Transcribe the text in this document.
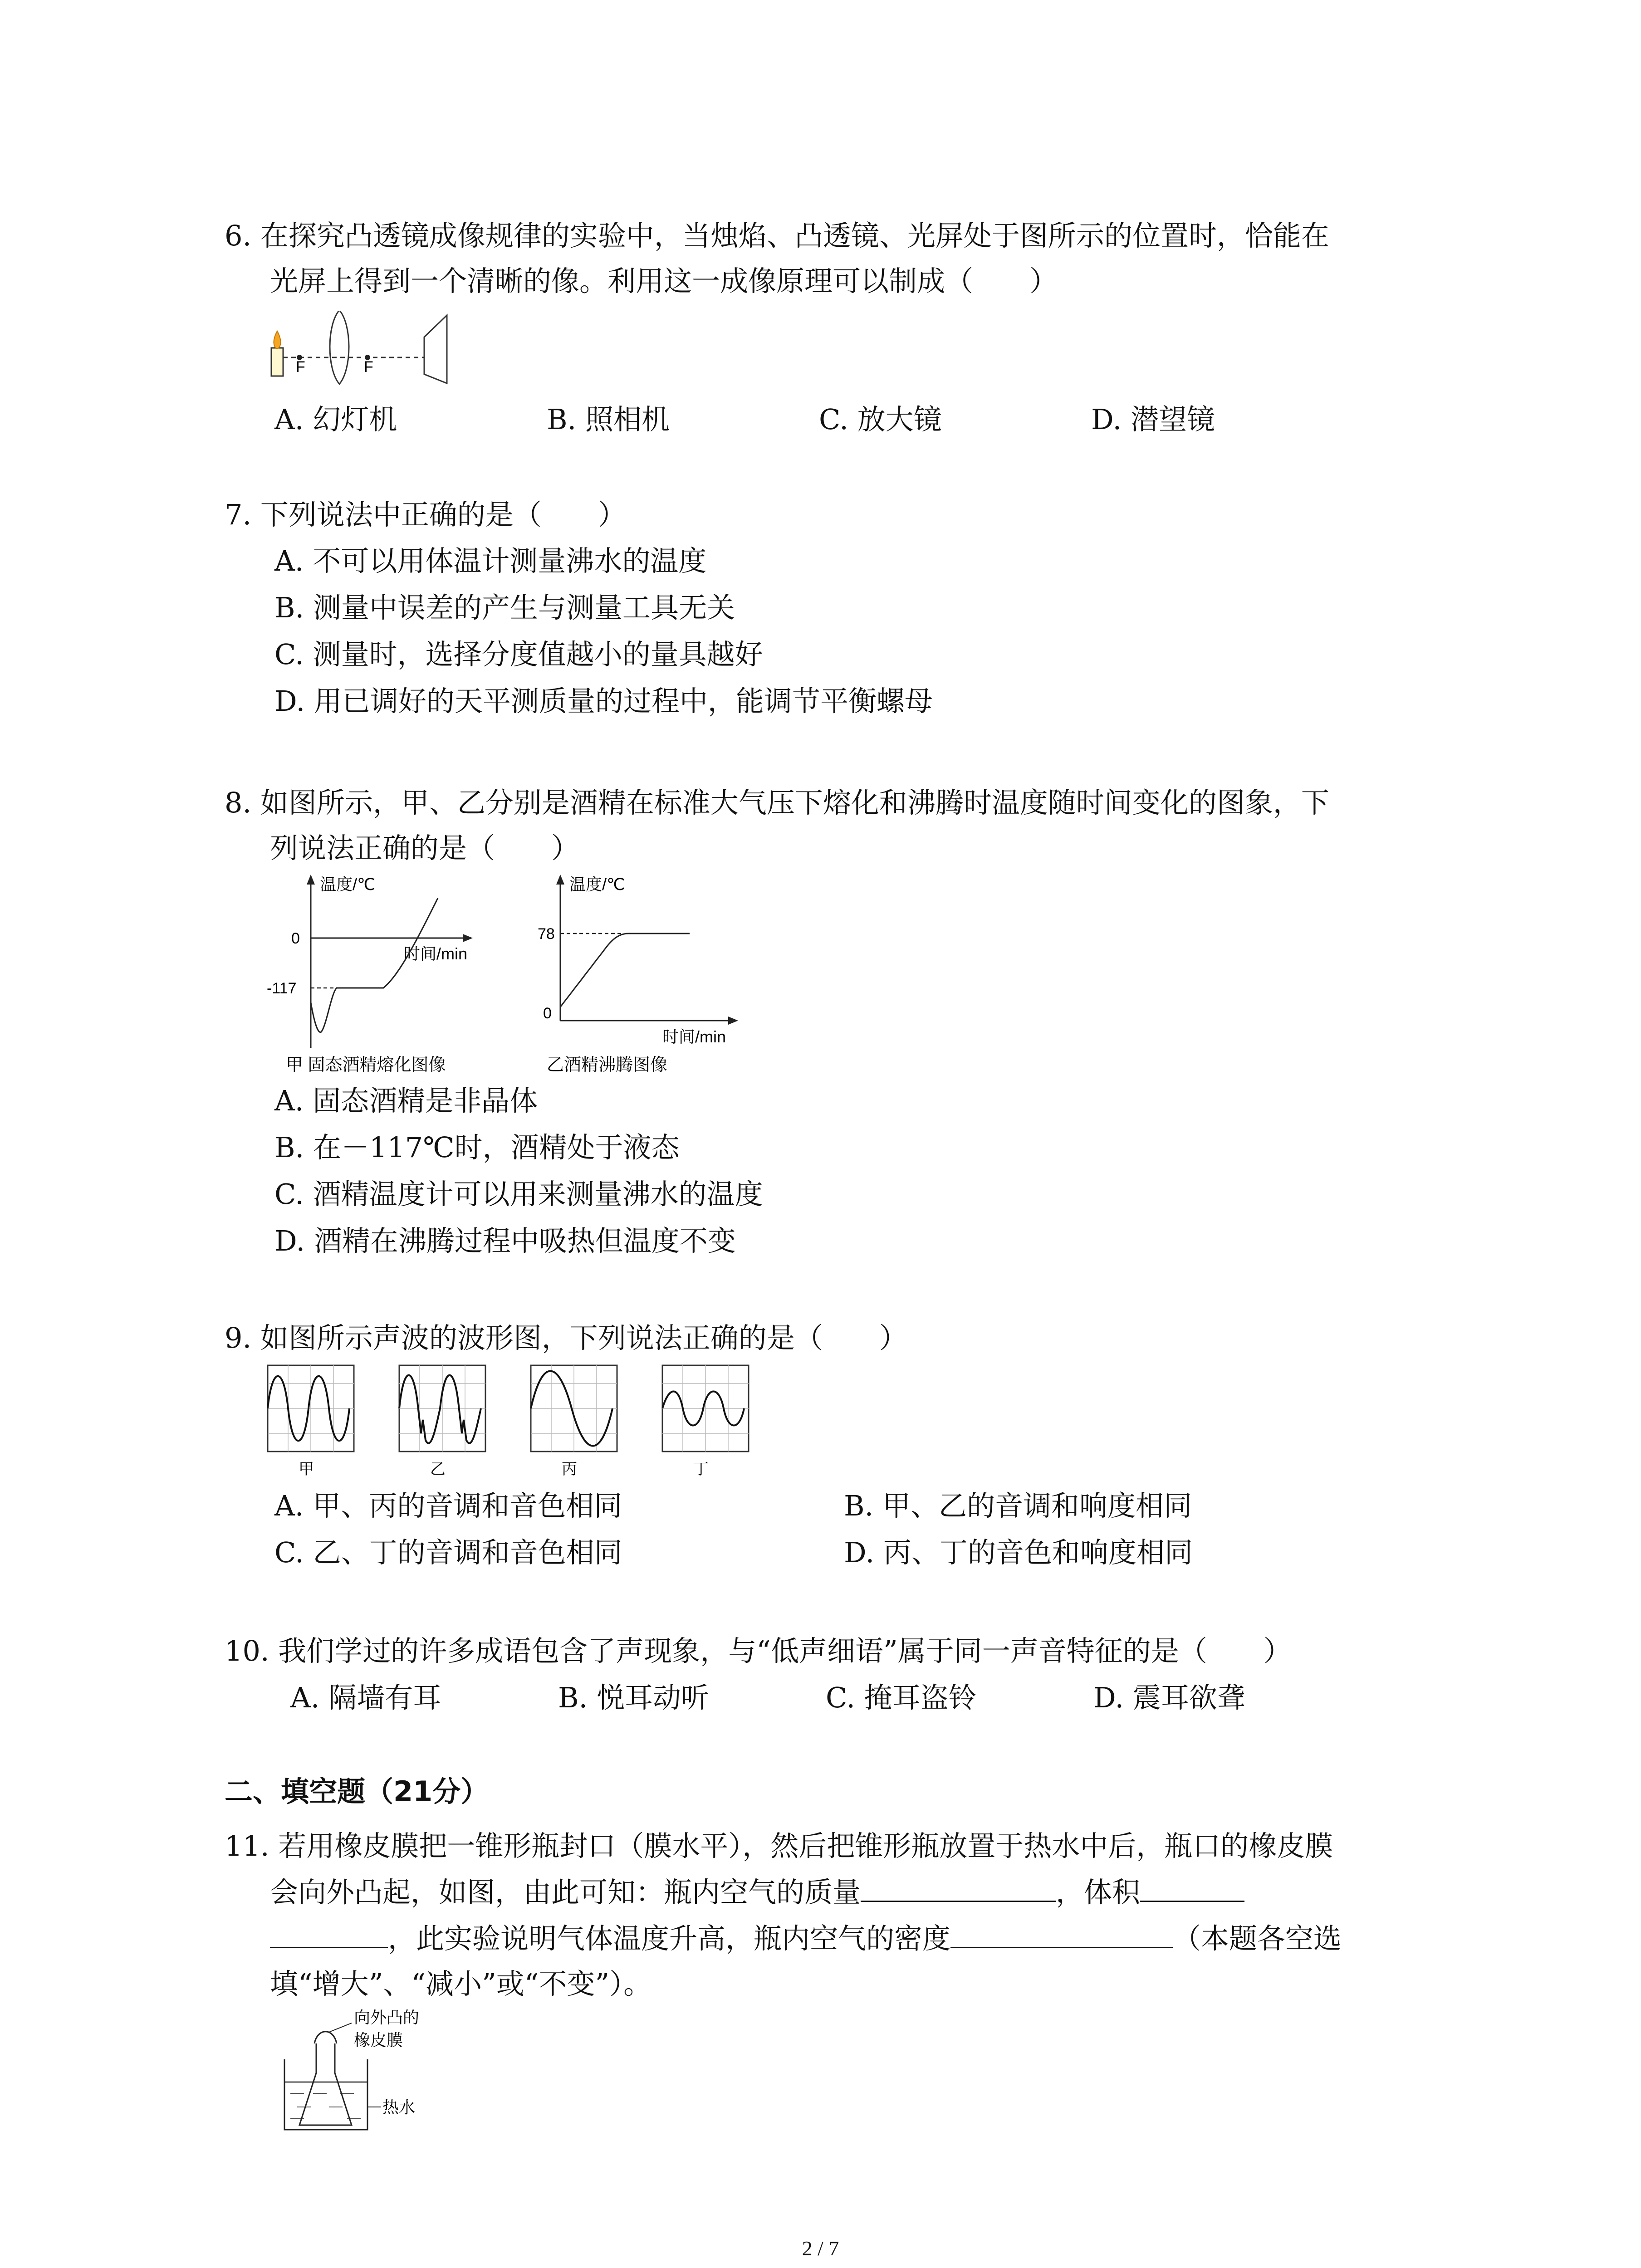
6. 在探究凸透镜成像规律的实验中，当烛焰、凸透镜、光屏处于图所示的位置时，恰能在
光屏上得到一个清晰的像。利用这一成像原理可以制成（　　）
F	F
A. 幻灯机	B. 照相机	C. 放大镜	D. 潜望镜
7. 下列说法中正确的是（　　）
A. 不可以用体温计测量沸水的温度
B. 测量中误差的产生与测量工具无关
C. 测量时，选择分度值越小的量具越好
D. 用已调好的天平测质量的过程中，能调节平衡螺母
8. 如图所示，甲、乙分别是酒精在标准大气压下熔化和沸腾时温度随时间变化的图象，下
列说法正确的是（　　）
温度/℃
时间/min
0
-117
甲 固态酒精熔化图像
温度/℃
时间/min
78
0
乙酒精沸腾图像
A. 固态酒精是非晶体
B. 在－117℃时，酒精处于液态
C. 酒精温度计可以用来测量沸水的温度
D. 酒精在沸腾过程中吸热但温度不变
9. 如图所示声波的波形图，下列说法正确的是（　　）
甲	乙	丙	丁
A. 甲、丙的音调和音色相同	B. 甲、乙的音调和响度相同
C. 乙、丁的音调和音色相同	D. 丙、丁的音色和响度相同
10. 我们学过的许多成语包含了声现象，与“低声细语”属于同一声音特征的是（　　）
A. 隔墙有耳	B. 悦耳动听	C. 掩耳盗铃	D. 震耳欲聋
二、填空题（21分）
11. 若用橡皮膜把一锥形瓶封口（膜水平），然后把锥形瓶放置于热水中后，瓶口的橡皮膜
会向外凸起，如图，由此可知：瓶内空气的质量	，体积
，此实验说明气体温度升高，瓶内空气的密度	（本题各空选
填“增大”、“减小”或“不变”）。
向外凸的
橡皮膜
热水
2 / 7
